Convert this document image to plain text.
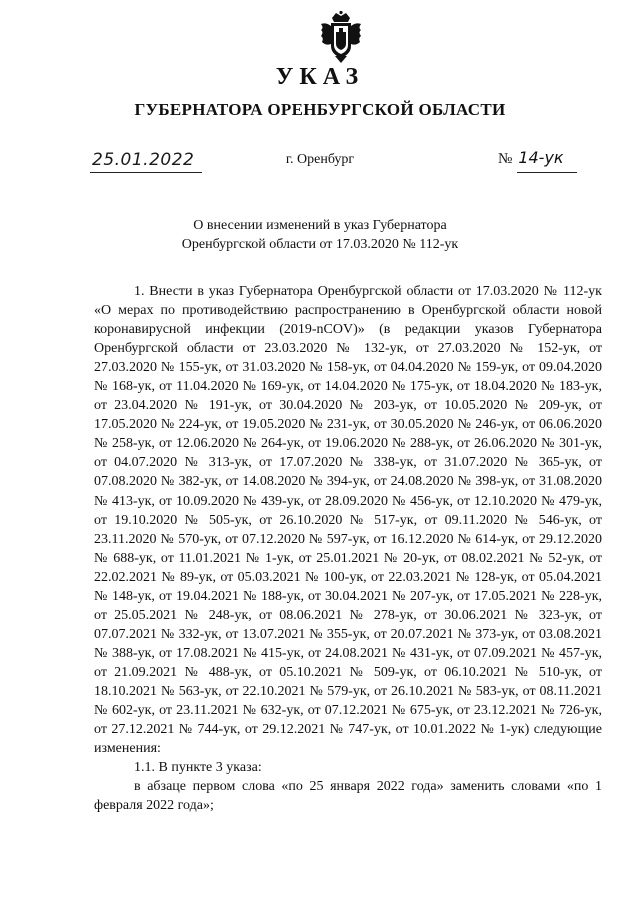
УКАЗ
ГУБЕРНАТОРА ОРЕНБУРГСКОЙ ОБЛАСТИ
25.01.2022	г. Оренбург	№ 14-ук
О внесении изменений в указ Губернатора
Оренбургской области от 17.03.2020 № 112-ук

1. Внести в указ Губернатора Оренбургской области от 17.03.2020 № 112-ук «О мерах по противодействию распространению в Оренбургской области новой коронавирусной инфекции (2019-nCOV)» (в редакции указов Губернатора Оренбургской области от 23.03.2020 № 132-ук, от 27.03.2020 № 152-ук, от 27.03.2020 № 155-ук, от 31.03.2020 № 158-ук, от 04.04.2020 № 159-ук, от 09.04.2020 № 168-ук, от 11.04.2020 № 169-ук, от 14.04.2020 № 175-ук, от 18.04.2020 № 183-ук, от 23.04.2020 № 191-ук, от 30.04.2020 № 203-ук, от 10.05.2020 № 209-ук, от 17.05.2020 № 224-ук, от 19.05.2020 № 231-ук, от 30.05.2020 № 246-ук, от 06.06.2020 № 258-ук, от 12.06.2020 № 264-ук, от 19.06.2020 № 288-ук, от 26.06.2020 № 301-ук, от 04.07.2020 № 313-ук, от 17.07.2020 № 338-ук, от 31.07.2020 № 365-ук, от 07.08.2020 № 382-ук, от 14.08.2020 № 394-ук, от 24.08.2020 № 398-ук, от 31.08.2020 № 413-ук, от 10.09.2020 № 439-ук, от 28.09.2020 № 456-ук, от 12.10.2020 № 479-ук, от 19.10.2020 № 505-ук, от 26.10.2020 № 517-ук, от 09.11.2020 № 546-ук, от 23.11.2020 № 570-ук, от 07.12.2020 № 597-ук, от 16.12.2020 № 614-ук, от 29.12.2020 № 688-ук, от 11.01.2021 № 1-ук, от 25.01.2021 № 20-ук, от 08.02.2021 № 52-ук, от 22.02.2021 № 89-ук, от 05.03.2021 № 100-ук, от 22.03.2021 № 128-ук, от 05.04.2021 № 148-ук, от 19.04.2021 № 188-ук, от 30.04.2021 № 207-ук, от 17.05.2021 № 228-ук, от 25.05.2021 № 248-ук, от 08.06.2021 № 278-ук, от 30.06.2021 № 323-ук, от 07.07.2021 № 332-ук, от 13.07.2021 № 355-ук, от 20.07.2021 № 373-ук, от 03.08.2021 № 388-ук, от 17.08.2021 № 415-ук, от 24.08.2021 № 431-ук, от 07.09.2021 № 457-ук, от 21.09.2021 № 488-ук, от 05.10.2021 № 509-ук, от 06.10.2021 № 510-ук, от 18.10.2021 № 563-ук, от 22.10.2021 № 579-ук, от 26.10.2021 № 583-ук, от 08.11.2021 № 602-ук, от 23.11.2021 № 632-ук, от 07.12.2021 № 675-ук, от 23.12.2021 № 726-ук, от 27.12.2021 № 744-ук, от 29.12.2021 № 747-ук, от 10.01.2022 № 1-ук) следующие изменения:

1.1. В пункте 3 указа:

в абзаце первом слова «по 25 января 2022 года» заменить словами «по 1 февраля 2022 года»;
